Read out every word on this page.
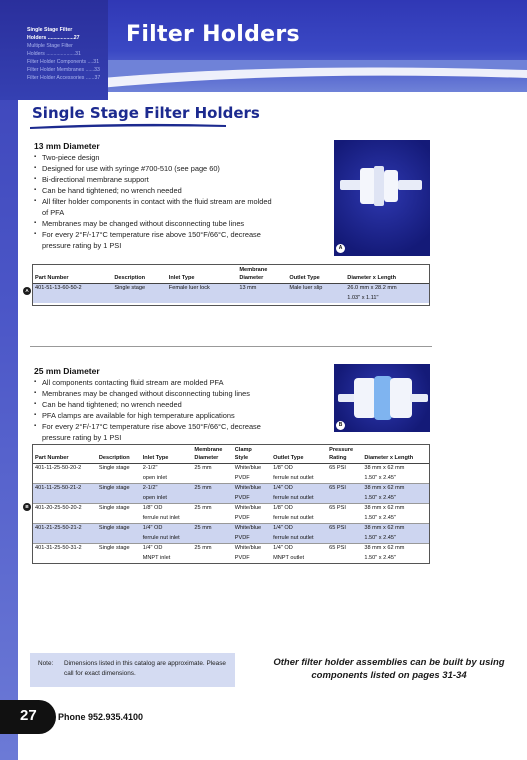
Single Stage Filter
Holders ..................27
Multiple Stage Filter
Holders ....................31
Filter Holder Components ....31
Filter Holder Membranes ......33
Filter Holder Accessories ......37
Filter Holders
Single Stage Filter Holders
13 mm Diameter
▪ Two-piece design
▪ Designed for use with syringe #700-510 (see page 60)
▪ Bi-directional membrane support
▪ Can be hand tightened; no wrench needed
▪ All filter holder components in contact with the fluid stream are molded
of PFA
▪ Membranes may be changed without disconnecting tube lines
▪ For every 2°F/-17°C temperature rise above 150°F/66°C, decrease
pressure rating by 1 PSI	A
Part Number	Description	Inlet Type	Membrane
Diameter	Outlet Type	Diameter x Length
401-51-13-60-50-2	Single stage	Female luer lock	13 mm	Male luer slip	26.0 mm x 28.2 mm
					1.03" x 1.11"
A
25 mm Diameter
▪ All components contacting fluid stream are molded PFA
▪ Membranes may be changed without disconnecting tubing lines
▪ Can be hand tightened; no wrench needed
▪ PFA clamps are available for high temperature applications
▪ For every 2°F/-17°C temperature rise above 150°F/66°C, decrease
pressure rating by 1 PSI
B
Part Number	Description	Inlet Type	Membrane
Diameter	Clamp
Style	Outlet Type	Pressure
Rating	Diameter x Length
401-11-25-50-20-2	Single stage	2-1/2"	25 mm	White/blue	1/8" OD	65 PSI	38 mm x 62 mm
		open inlet		PVDF	ferrule nut outlet		1.50" x 2.45"
401-11-25-50-21-2	Single stage	2-1/2"	25 mm	White/blue	1/4" OD	65 PSI	38 mm x 62 mm
		open inlet		PVDF	ferrule nut outlet		1.50" x 2.45"
401-20-25-50-20-2	Single stage	1/8" OD	25 mm	White/blue	1/8" OD	65 PSI	38 mm x 62 mm
		ferrule nut inlet		PVDF	ferrule nut outlet		1.50" x 2.45"
401-21-25-50-21-2	Single stage	1/4" OD	25 mm	White/blue	1/4" OD	65 PSI	38 mm x 62 mm
		ferrule nut inlet		PVDF	ferrule nut outlet		1.50" x 2.45"
401-31-25-50-31-2	Single stage	1/4" OD	25 mm	White/blue	1/4" OD	65 PSI	38 mm x 62 mm
		MNPT inlet		PVDF	MNPT outlet		1.50" x 2.45"
B
Note: Dimensions listed in this catalog are approximate. Please call for exact dimensions.
Other filter holder assemblies can be built by using components listed on pages 31-34
27 Phone 952.935.4100
